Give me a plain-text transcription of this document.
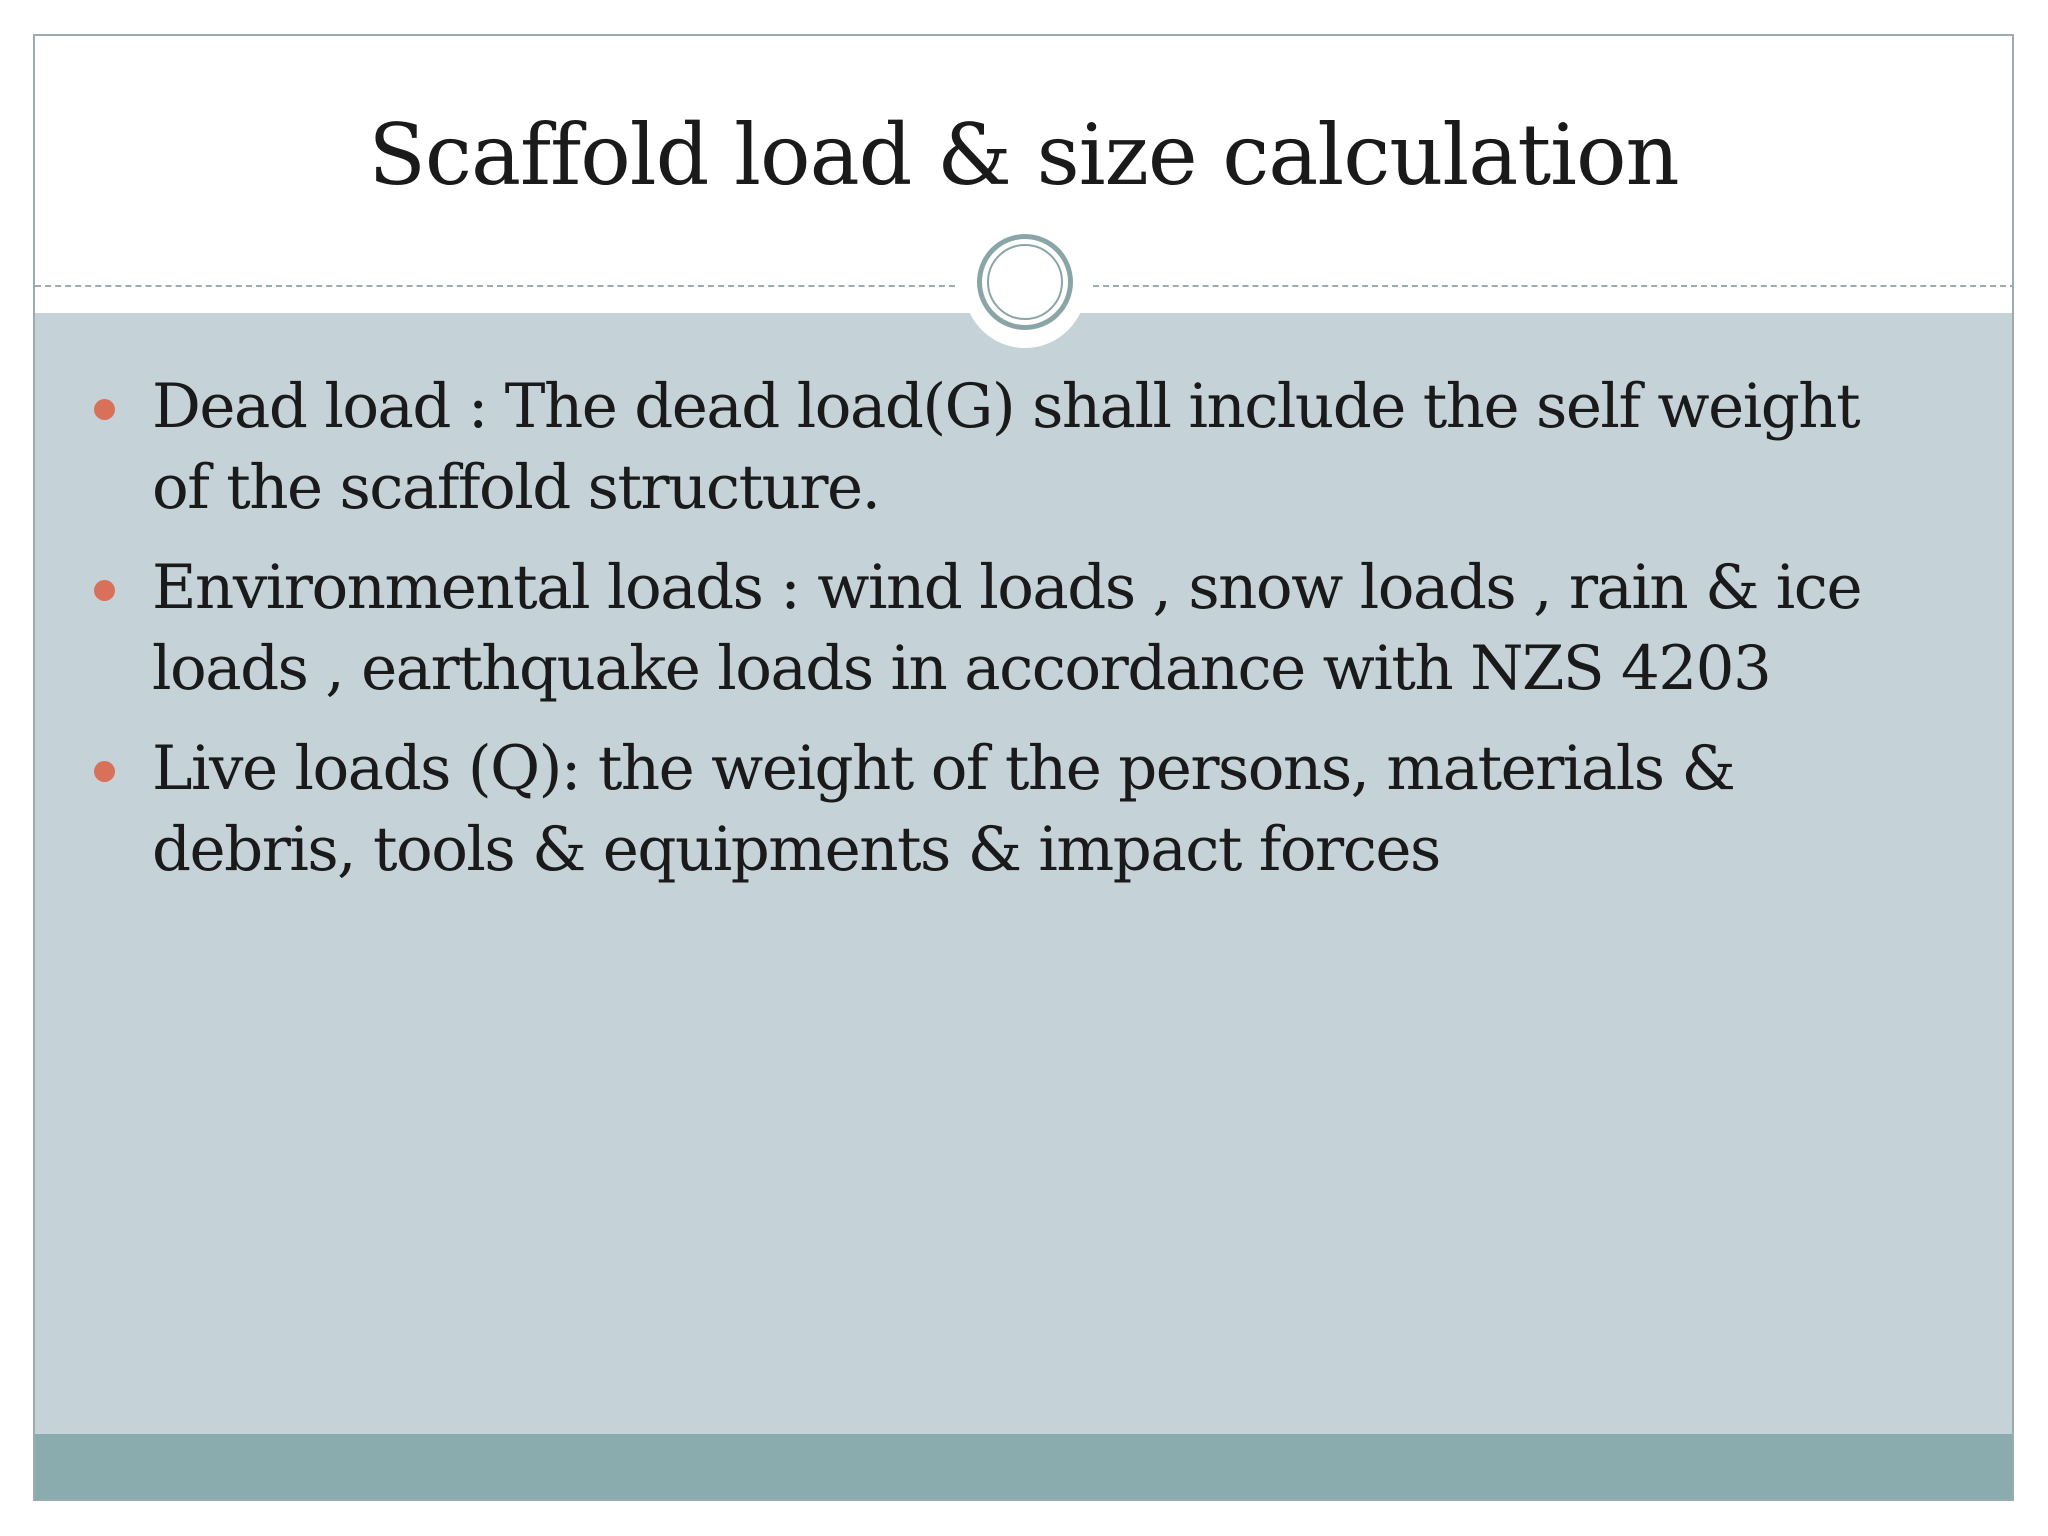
Scaffold load & size calculation
Dead load : The dead load(G) shall include the self weight of the scaffold structure.
Environmental loads : wind loads , snow loads , rain & ice loads , earthquake loads in accordance with NZS 4203
Live loads (Q): the weight of the persons, materials & debris, tools & equipments & impact forces
